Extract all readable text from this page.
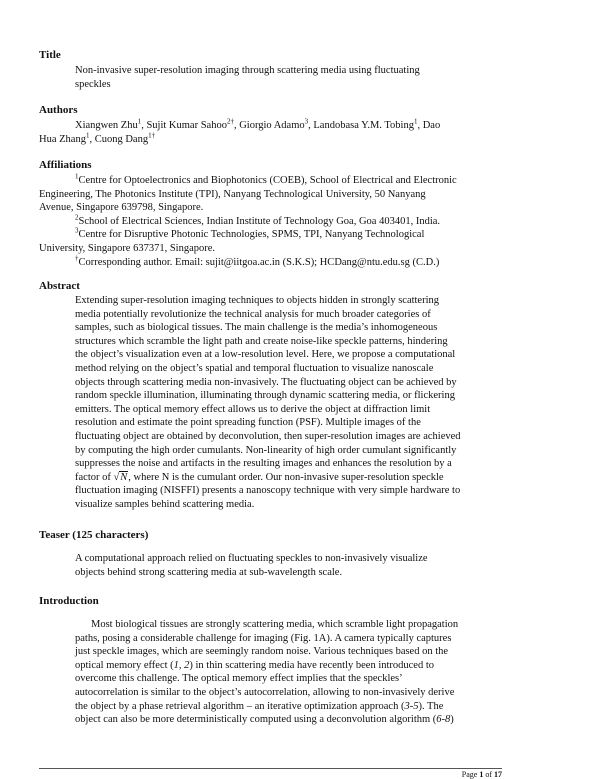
Title
Non-invasive super-resolution imaging through scattering media using fluctuating
speckles
Authors
Xiangwen Zhu$^1$, Sujit Kumar Sahoo$^{2\dagger}$, Giorgio Adamo$^3$, Landobasa Y.M. Tobing$^1$, Dao
Hua Zhang$^1$, Cuong Dang$^{1\dagger}$
Affiliations
$^1$Centre for Optoelectronics and Biophotonics (COEB), School of Electrical and Electronic
Engineering, The Photonics Institute (TPI), Nanyang Technological University, 50 Nanyang
Avenue, Singapore 639798, Singapore.
$^2$School of Electrical Sciences, Indian Institute of Technology Goa, Goa 403401, India.
$^3$Centre for Disruptive Photonic Technologies, SPMS, TPI, Nanyang Technological
University, Singapore 637371, Singapore.
†Corresponding author. Email: sujit@iitgoa.ac.in (S.K.S); HCDang@ntu.edu.sg (C.D.)
Abstract
Extending super-resolution imaging techniques to objects hidden in strongly scattering
media potentially revolutionize the technical analysis for much broader categories of
samples, such as biological tissues. The main challenge is the media’s inhomogeneous
structures which scramble the light path and create noise-like speckle patterns, hindering
the object’s visualization even at a low-resolution level. Here, we propose a computational
method relying on the object’s spatial and temporal fluctuation to visualize nanoscale
objects through scattering media non-invasively. The fluctuating object can be achieved by
random speckle illumination, illuminating through dynamic scattering media, or flickering
emitters. The optical memory effect allows us to derive the object at diffraction limit
resolution and estimate the point spreading function (PSF). Multiple images of the
fluctuating object are obtained by deconvolution, then super-resolution images are achieved
by computing the high order cumulants. Non-linearity of high order cumulant significantly
suppresses the noise and artifacts in the resulting images and enhances the resolution by a
factor of √N, where N is the cumulant order. Our non-invasive super-resolution speckle
fluctuation imaging (NISFFI) presents a nanoscopy technique with very simple hardware to
visualize samples behind scattering media.
Teaser (125 characters)
A computational approach relied on fluctuating speckles to non-invasively visualize
objects behind strong scattering media at sub-wavelength scale.
Introduction
Most biological tissues are strongly scattering media, which scramble light propagation
paths, posing a considerable challenge for imaging (Fig. 1A). A camera typically captures
just speckle images, which are seemingly random noise. Various techniques based on the
optical memory effect (1, 2) in thin scattering media have recently been introduced to
overcome this challenge. The optical memory effect implies that the speckles’
autocorrelation is similar to the object’s autocorrelation, allowing to non-invasively derive
the object by a phase retrieval algorithm – an iterative optimization approach (3-5). The
object can also be more deterministically computed using a deconvolution algorithm (6-8)
Page 1 of 17
